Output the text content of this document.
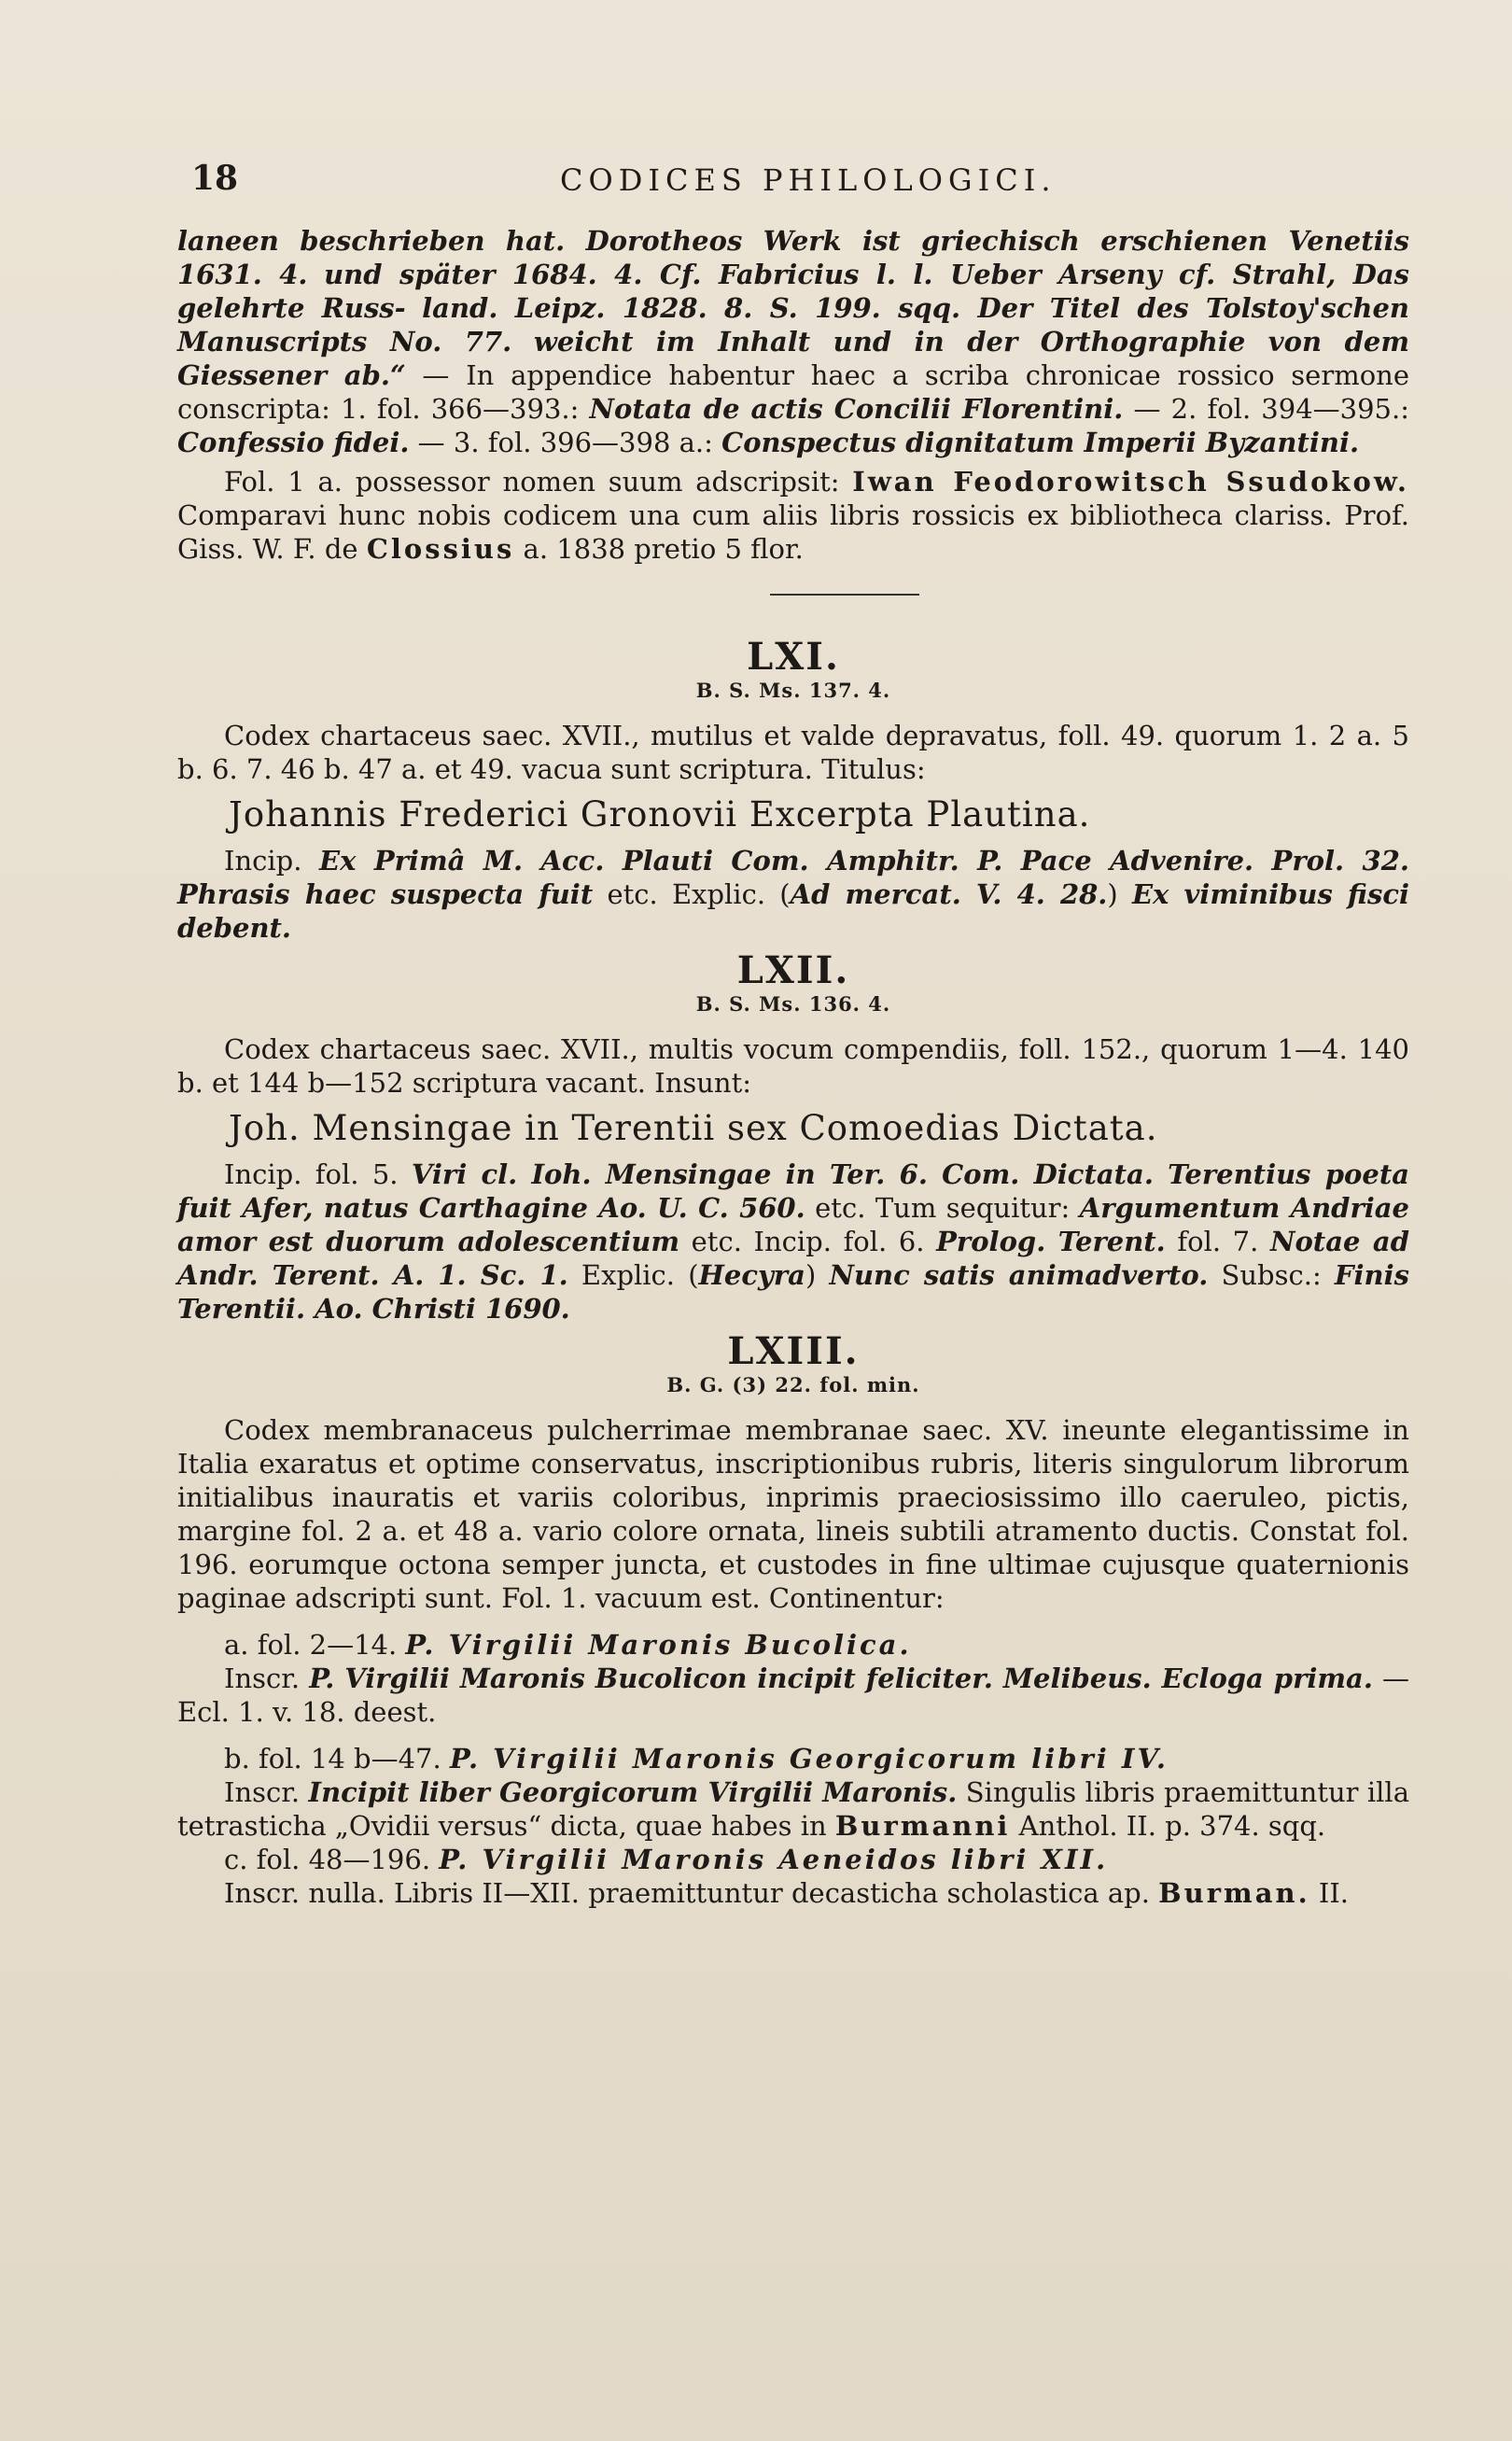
18	CODICES PHILOLOGICI.

laneen beschrieben hat. Dorotheos Werk ist griechisch erschienen Venetiis 1631. 4. und später 1684. 4. Cf. Fabricius l. l. Ueber Arseny cf. Strahl, Das gelehrte Russ- land. Leipz. 1828. 8. S. 199. sqq. Der Titel des Tolstoy'schen Manuscripts No. 77. weicht im Inhalt und in der Orthographie von dem Giessener ab.“ — In appendice habentur haec a scriba chronicae rossico sermone conscripta: 1. fol. 366—393.: Notata de actis Concilii Florentini. — 2. fol. 394—395.: Confessio fidei. — 3. fol. 396—398 a.: Conspectus dignitatum Imperii Byzantini.

Fol. 1 a. possessor nomen suum adscripsit: Iwan Feodorowitsch Ssudokow. Comparavi hunc nobis codicem una cum aliis libris rossicis ex bibliotheca clariss. Prof. Giss. W. F. de Clossius a. 1838 pretio 5 flor.

LXI.

B. S. Ms. 137. 4.

Codex chartaceus saec. XVII., mutilus et valde depravatus, foll. 49. quorum 1. 2 a. 5 b. 6. 7. 46 b. 47 a. et 49. vacua sunt scriptura. Titulus:

Johannis Frederici Gronovii Excerpta Plautina.

Incip. Ex Primâ M. Acc. Plauti Com. Amphitr. P. Pace Advenire. Prol. 32. Phrasis haec suspecta fuit etc. Explic. (Ad mercat. V. 4. 28.) Ex viminibus fisci debent.

LXII.

B. S. Ms. 136. 4.

Codex chartaceus saec. XVII., multis vocum compendiis, foll. 152., quorum 1—4. 140 b. et 144 b—152 scriptura vacant. Insunt:

Joh. Mensingae in Terentii sex Comoedias Dictata.

Incip. fol. 5. Viri cl. Ioh. Mensingae in Ter. 6. Com. Dictata. Terentius poeta fuit Afer, natus Carthagine Ao. U. C. 560. etc. Tum sequitur: Argumentum Andriae amor est duorum adolescentium etc. Incip. fol. 6. Prolog. Terent. fol. 7. Notae ad Andr. Terent. A. 1. Sc. 1. Explic. (Hecyra) Nunc satis animadverto. Subsc.: Finis Terentii. Ao. Christi 1690.

LXIII.

B. G. (3) 22. fol. min.

Codex membranaceus pulcherrimae membranae saec. XV. ineunte elegantissime in Italia exaratus et optime conservatus, inscriptionibus rubris, literis singulorum librorum initialibus inauratis et variis coloribus, inprimis praeciosissimo illo caeruleo, pictis, margine fol. 2 a. et 48 a. vario colore ornata, lineis subtili atramento ductis. Constat fol. 196. eorumque octona semper juncta, et custodes in fine ultimae cujusque quaternionis paginae adscripti sunt. Fol. 1. vacuum est. Continentur:

a. fol. 2—14. P. Virgilii Maronis Bucolica.

Inscr. P. Virgilii Maronis Bucolicon incipit feliciter. Melibeus. Ecloga prima. — Ecl. 1. v. 18. deest.

b. fol. 14 b—47. P. Virgilii Maronis Georgicorum libri IV.

Inscr. Incipit liber Georgicorum Virgilii Maronis. Singulis libris praemittuntur illa tetrasticha „Ovidii versus“ dicta, quae habes in Burmanni Anthol. II. p. 374. sqq.

c. fol. 48—196. P. Virgilii Maronis Aeneidos libri XII.

Inscr. nulla. Libris II—XII. praemittuntur decasticha scholastica ap. Burman. II.
